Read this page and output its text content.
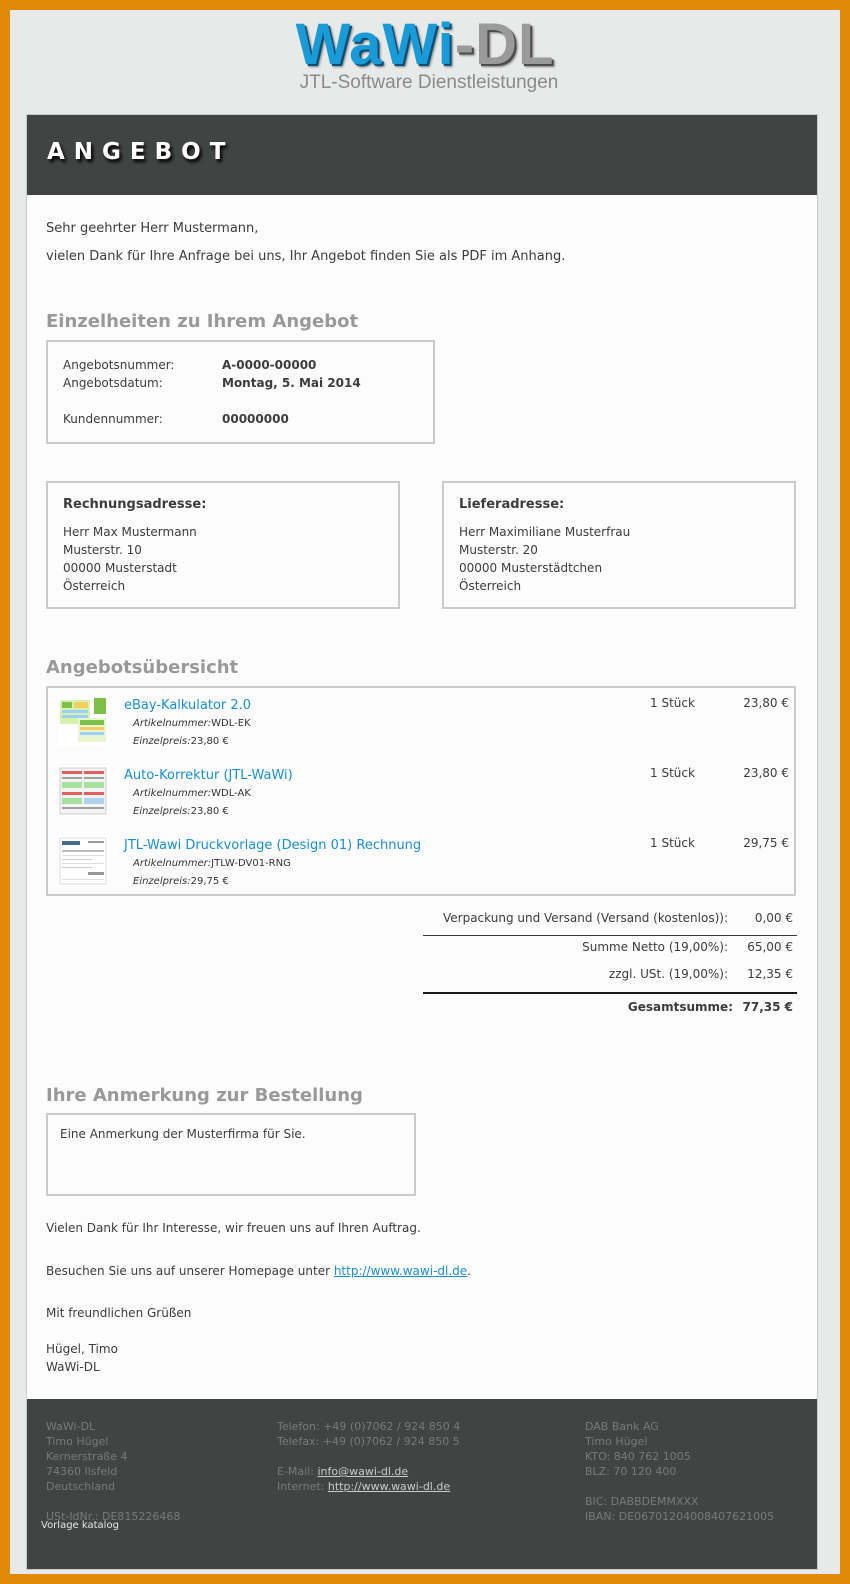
WaWi-DL
JTL-Software Dienstleistungen
ANGEBOT
Sehr geehrter Herr Mustermann,
vielen Dank für Ihre Anfrage bei uns, Ihr Angebot finden Sie als PDF im Anhang.
Einzelheiten zu Ihrem Angebot
Angebotsnummer:	A-0000-00000
Angebotsdatum:	Montag, 5. Mai 2014
Kundennummer:	00000000
Rechnungsadresse:
Herr Max Mustermann
Musterstr. 10
00000 Musterstadt
Österreich
Lieferadresse:
Herr Maximiliane Musterfrau
Musterstr. 20
00000 Musterstädtchen
Österreich
Angebotsübersicht
eBay-Kalkulator 2.0
Artikelnummer:WDL-EK
Einzelpreis:23,80 €
1 Stück	23,80 €
Auto-Korrektur (JTL-WaWi)
Artikelnummer:WDL-AK
Einzelpreis:23,80 €
1 Stück	23,80 €
JTL-Wawi Druckvorlage (Design 01) Rechnung
Artikelnummer:JTLW-DV01-RNG
Einzelpreis:29,75 €
1 Stück	29,75 €
Verpackung und Versand (Versand (kostenlos)): 0,00 €
Summe Netto (19,00%): 65,00 €
zzgl. USt. (19,00%): 12,35 €
Gesamtsumme: 77,35 €
Ihre Anmerkung zur Bestellung
Eine Anmerkung der Musterfirma für Sie.
Vielen Dank für Ihr Interesse, wir freuen uns auf Ihren Auftrag.
Besuchen Sie uns auf unserer Homepage unter http://www.wawi-dl.de.
Mit freundlichen Grüßen
Hügel, Timo
WaWi-DL
WaWi-DL
Timo Hügel
Kernerstraße 4
74360 Ilsfeld
Deutschland
USt-IdNr.: DE815226468
Telefon: +49 (0)7062 / 924 850 4
Telefax: +49 (0)7062 / 924 850 5
E-Mail: info@wawi-dl.de
Internet: http://www.wawi-dl.de
DAB Bank AG
Timo Hügel
KTO: 840 762 1005
BLZ: 70 120 400
BIC: DABBDEMMXXX
IBAN: DE06701204008407621005
Vorlage katalog
